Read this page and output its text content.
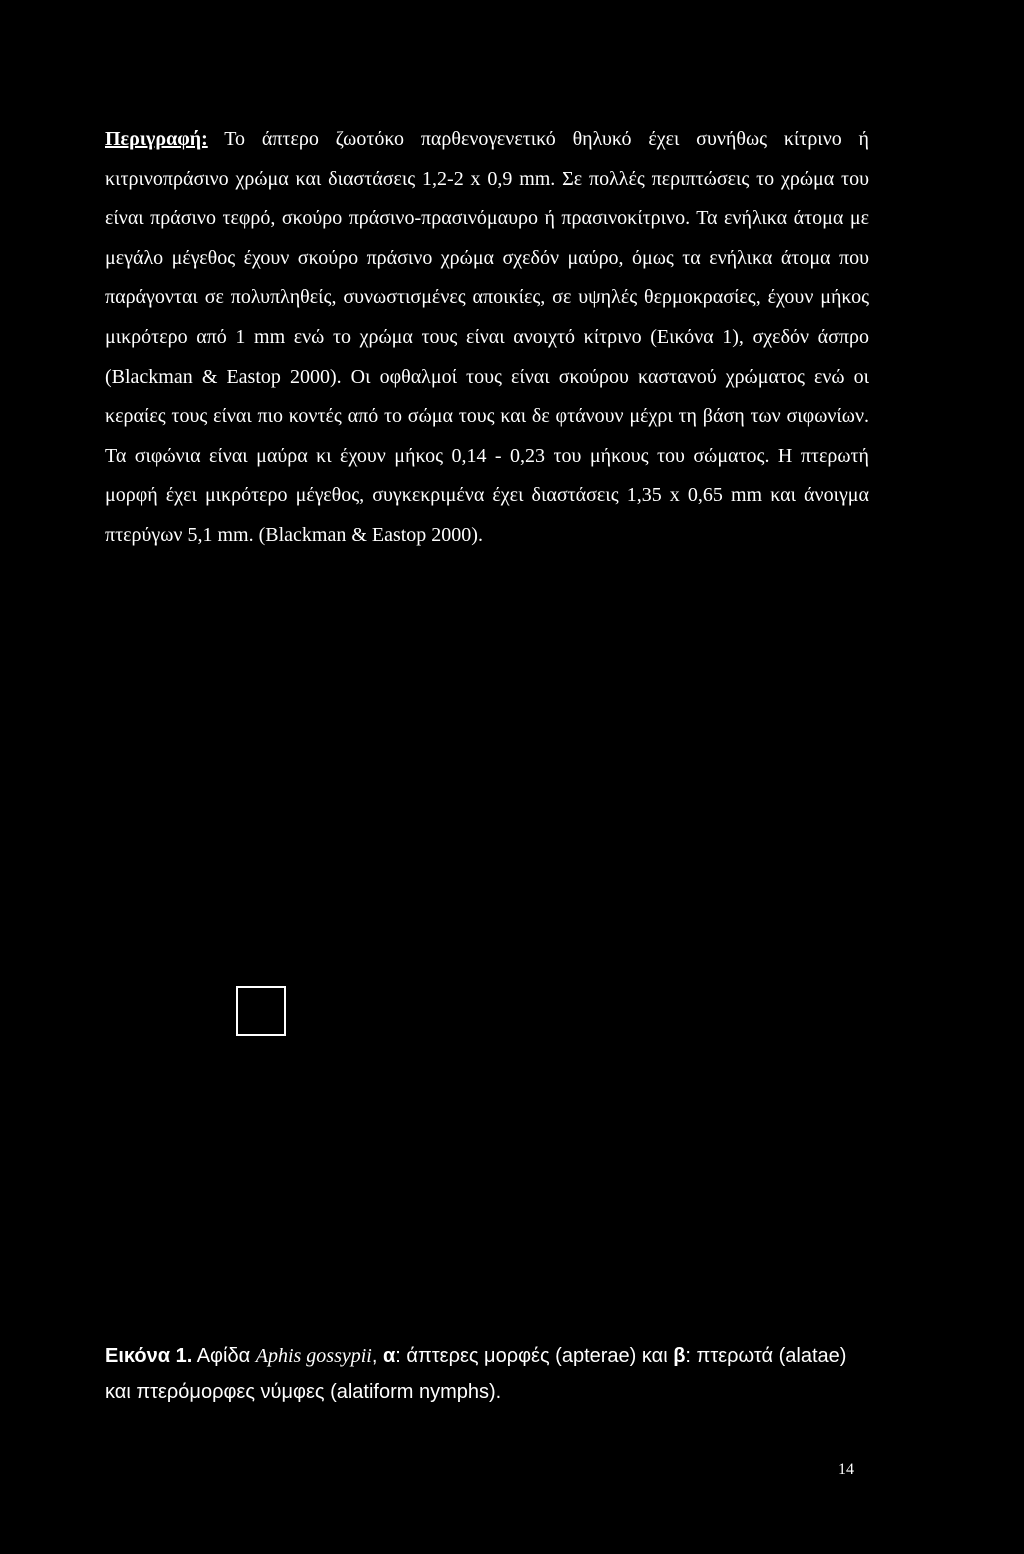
Περιγραφή: Το άπτερο ζωοτόκο παρθενογενετικό θηλυκό έχει συνήθως κίτρινο ή κιτρινοπράσινο χρώμα και διαστάσεις 1,2-2 x 0,9 mm. Σε πολλές περιπτώσεις το χρώμα του είναι πράσινο τεφρό, σκούρο πράσινο-πρασινόμαυρο ή πρασινοκίτρινο. Τα ενήλικα άτομα με μεγάλο μέγεθος έχουν σκούρο πράσινο χρώμα σχεδόν μαύρο, όμως τα ενήλικα άτομα που παράγονται σε πολυπληθείς, συνωστισμένες αποικίες, σε υψηλές θερμοκρασίες, έχουν μήκος μικρότερο από 1 mm ενώ το χρώμα τους είναι ανοιχτό κίτρινο (Εικόνα 1), σχεδόν άσπρο (Blackman & Eastop 2000). Οι οφθαλμοί τους είναι σκούρου καστανού χρώματος ενώ οι κεραίες τους είναι πιο κοντές από το σώμα τους και δε φτάνουν μέχρι τη βάση των σιφωνίων. Τα σιφώνια είναι μαύρα κι έχουν μήκος 0,14 - 0,23 του μήκους του σώματος. Η πτερωτή μορφή έχει μικρότερο μέγεθος, συγκεκριμένα έχει διαστάσεις 1,35 x 0,65 mm και άνοιγμα πτερύγων 5,1 mm. (Blackman & Eastop 2000).

Εικόνα 1. Αφίδα Aphis gossypii, α: άπτερες μορφές (apterae) και β: πτερωτά (alatae) και πτερόμορφες νύμφες (alatiform nymphs).

14
